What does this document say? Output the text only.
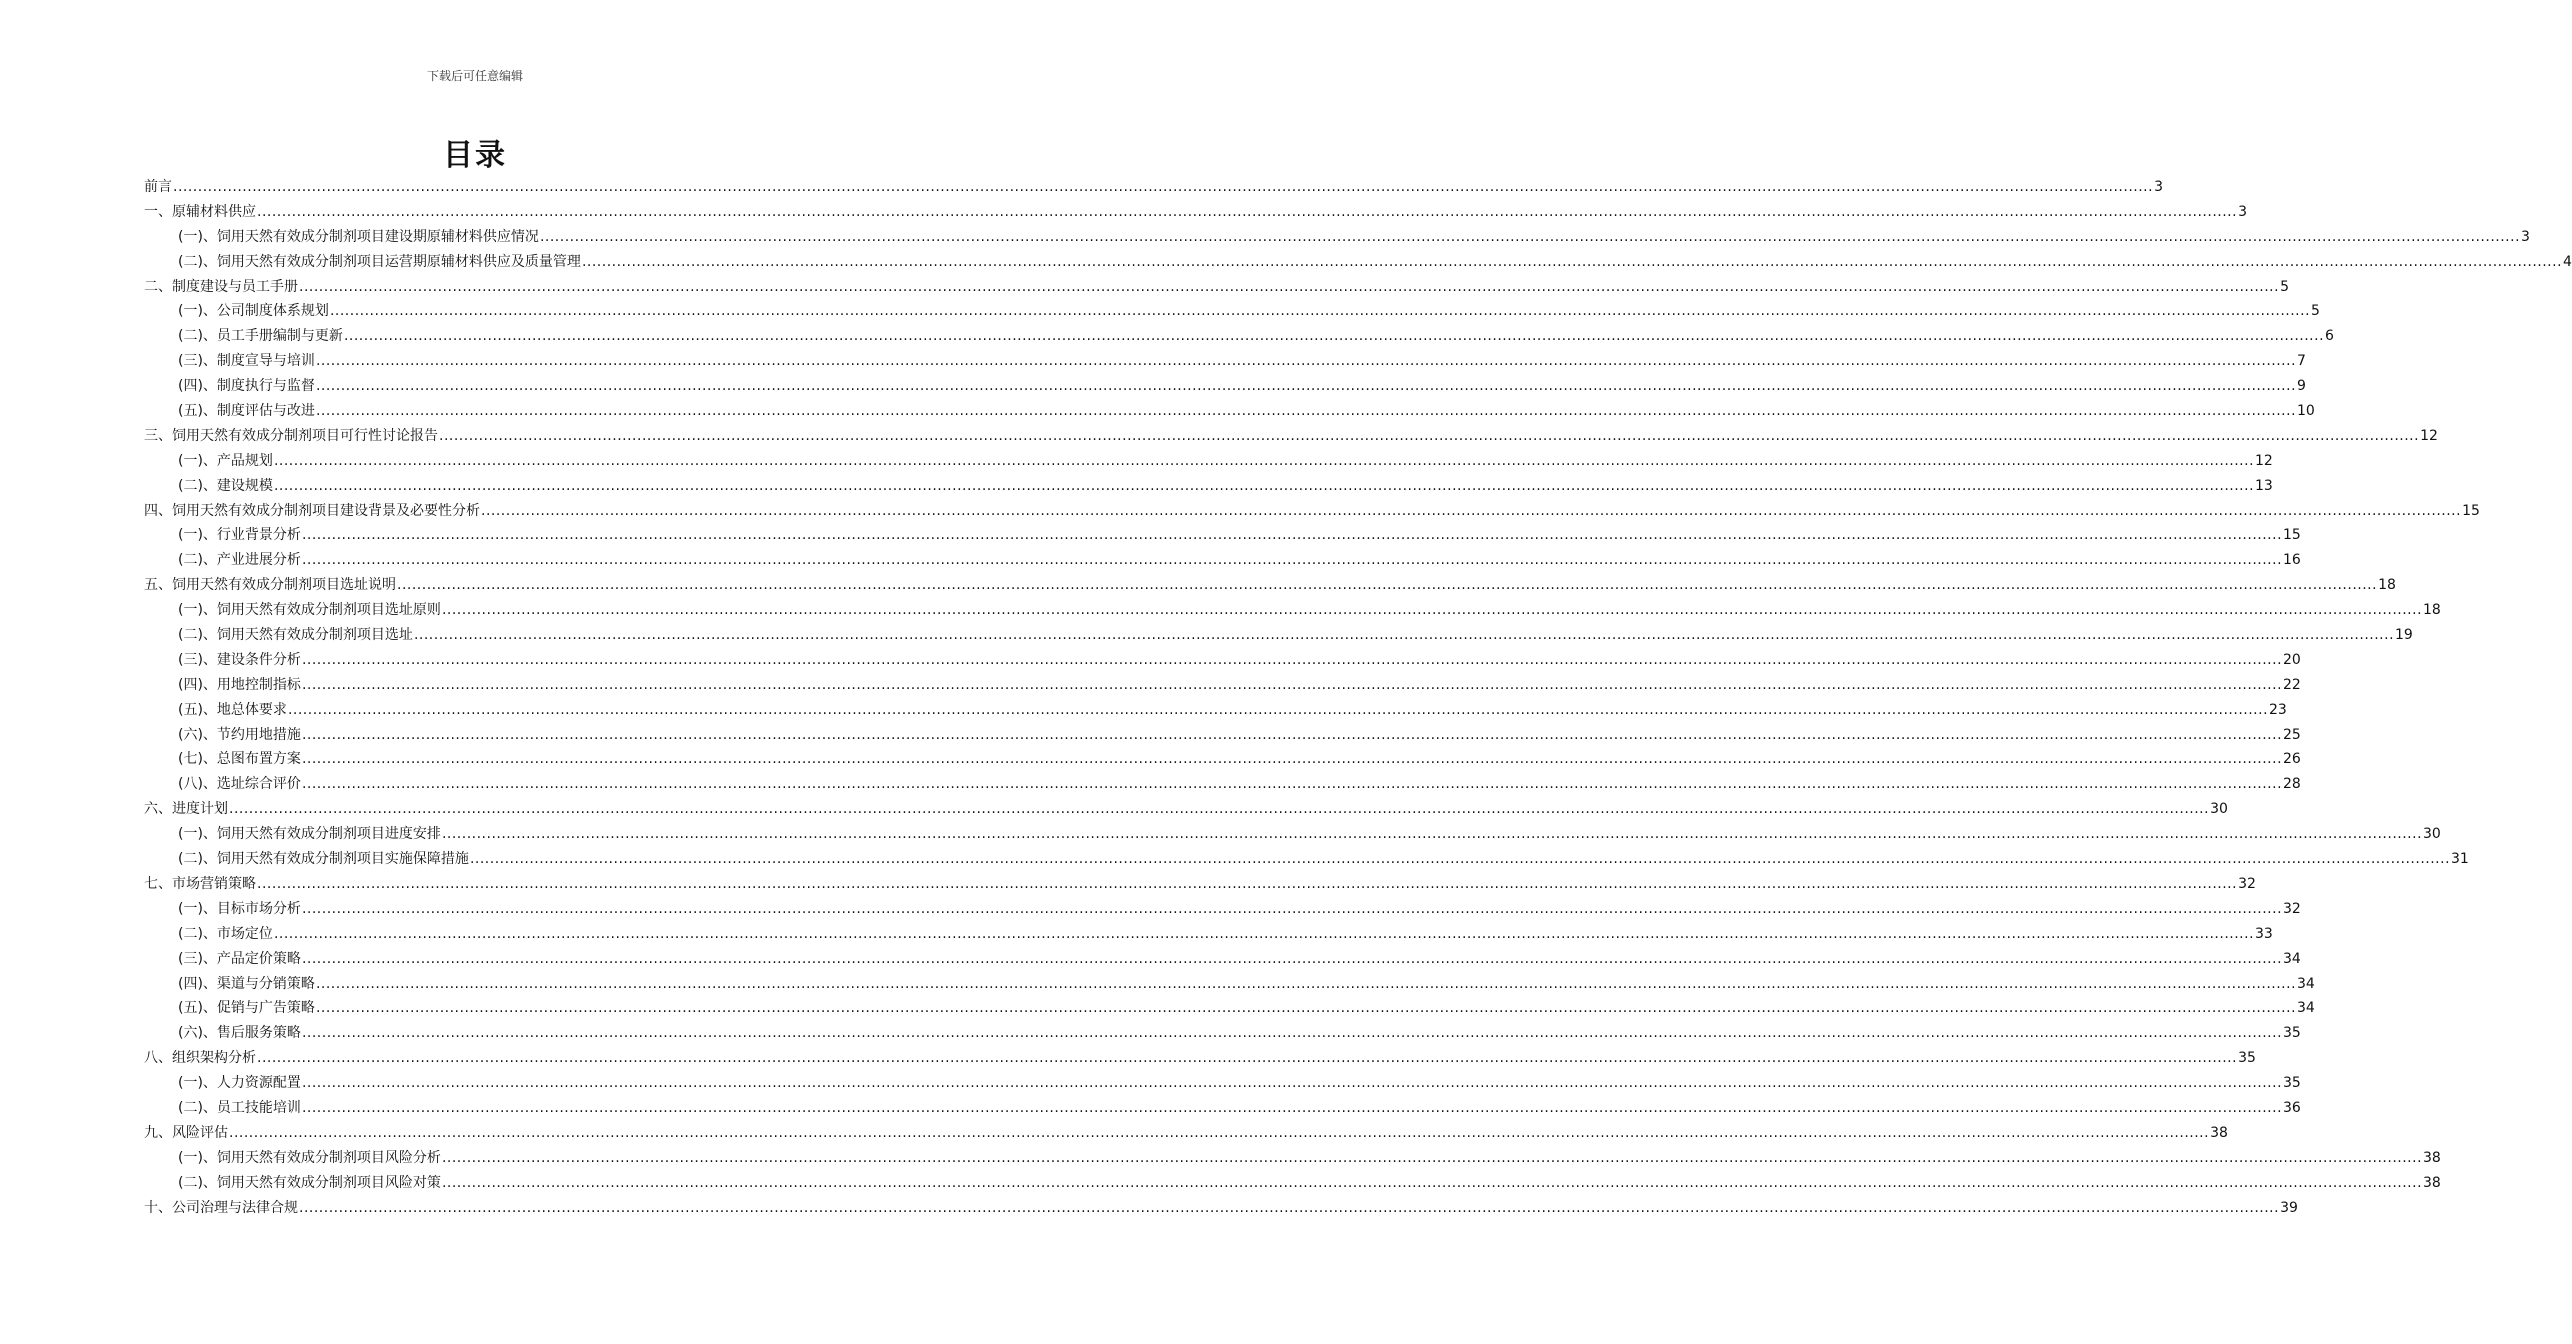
下载后可任意编辑
目录
前言 ................................................................................................................................................................................................................................................................................................................................................................................................................ 3
一、原辅材料供应 ................................................................................................................................................................................................................................................................................................................................................................................................................ 3
(一)、饲用天然有效成分制剂项目建设期原辅材料供应情况 ................................................................................................................................................................................................................................................................................................................................................................................................................ 3
(二)、饲用天然有效成分制剂项目运营期原辅材料供应及质量管理 ................................................................................................................................................................................................................................................................................................................................................................................................................ 4
二、制度建设与员工手册 ................................................................................................................................................................................................................................................................................................................................................................................................................ 5
(一)、公司制度体系规划 ................................................................................................................................................................................................................................................................................................................................................................................................................ 5
(二)、员工手册编制与更新 ................................................................................................................................................................................................................................................................................................................................................................................................................ 6
(三)、制度宣导与培训 ................................................................................................................................................................................................................................................................................................................................................................................................................ 7
(四)、制度执行与监督 ................................................................................................................................................................................................................................................................................................................................................................................................................ 9
(五)、制度评估与改进 ................................................................................................................................................................................................................................................................................................................................................................................................................ 10
三、饲用天然有效成分制剂项目可行性讨论报告 ................................................................................................................................................................................................................................................................................................................................................................................................................ 12
(一)、产品规划 ................................................................................................................................................................................................................................................................................................................................................................................................................ 12
(二)、建设规模 ................................................................................................................................................................................................................................................................................................................................................................................................................ 13
四、饲用天然有效成分制剂项目建设背景及必要性分析 ................................................................................................................................................................................................................................................................................................................................................................................................................ 15
(一)、行业背景分析 ................................................................................................................................................................................................................................................................................................................................................................................................................ 15
(二)、产业进展分析 ................................................................................................................................................................................................................................................................................................................................................................................................................ 16
五、饲用天然有效成分制剂项目选址说明 ................................................................................................................................................................................................................................................................................................................................................................................................................ 18
(一)、饲用天然有效成分制剂项目选址原则 ................................................................................................................................................................................................................................................................................................................................................................................................................ 18
(二)、饲用天然有效成分制剂项目选址 ................................................................................................................................................................................................................................................................................................................................................................................................................ 19
(三)、建设条件分析 ................................................................................................................................................................................................................................................................................................................................................................................................................ 20
(四)、用地控制指标 ................................................................................................................................................................................................................................................................................................................................................................................................................ 22
(五)、地总体要求 ................................................................................................................................................................................................................................................................................................................................................................................................................ 23
(六)、节约用地措施 ................................................................................................................................................................................................................................................................................................................................................................................................................ 25
(七)、总图布置方案 ................................................................................................................................................................................................................................................................................................................................................................................................................ 26
(八)、选址综合评价 ................................................................................................................................................................................................................................................................................................................................................................................................................ 28
六、进度计划 ................................................................................................................................................................................................................................................................................................................................................................................................................ 30
(一)、饲用天然有效成分制剂项目进度安排 ................................................................................................................................................................................................................................................................................................................................................................................................................ 30
(二)、饲用天然有效成分制剂项目实施保障措施 ................................................................................................................................................................................................................................................................................................................................................................................................................ 31
七、市场营销策略 ................................................................................................................................................................................................................................................................................................................................................................................................................ 32
(一)、目标市场分析 ................................................................................................................................................................................................................................................................................................................................................................................................................ 32
(二)、市场定位 ................................................................................................................................................................................................................................................................................................................................................................................................................ 33
(三)、产品定价策略 ................................................................................................................................................................................................................................................................................................................................................................................................................ 34
(四)、渠道与分销策略 ................................................................................................................................................................................................................................................................................................................................................................................................................ 34
(五)、促销与广告策略 ................................................................................................................................................................................................................................................................................................................................................................................................................ 34
(六)、售后服务策略 ................................................................................................................................................................................................................................................................................................................................................................................................................ 35
八、组织架构分析 ................................................................................................................................................................................................................................................................................................................................................................................................................ 35
(一)、人力资源配置 ................................................................................................................................................................................................................................................................................................................................................................................................................ 35
(二)、员工技能培训 ................................................................................................................................................................................................................................................................................................................................................................................................................ 36
九、风险评估 ................................................................................................................................................................................................................................................................................................................................................................................................................ 38
(一)、饲用天然有效成分制剂项目风险分析 ................................................................................................................................................................................................................................................................................................................................................................................................................ 38
(二)、饲用天然有效成分制剂项目风险对策 ................................................................................................................................................................................................................................................................................................................................................................................................................ 38
十、公司治理与法律合规 ................................................................................................................................................................................................................................................................................................................................................................................................................ 39
